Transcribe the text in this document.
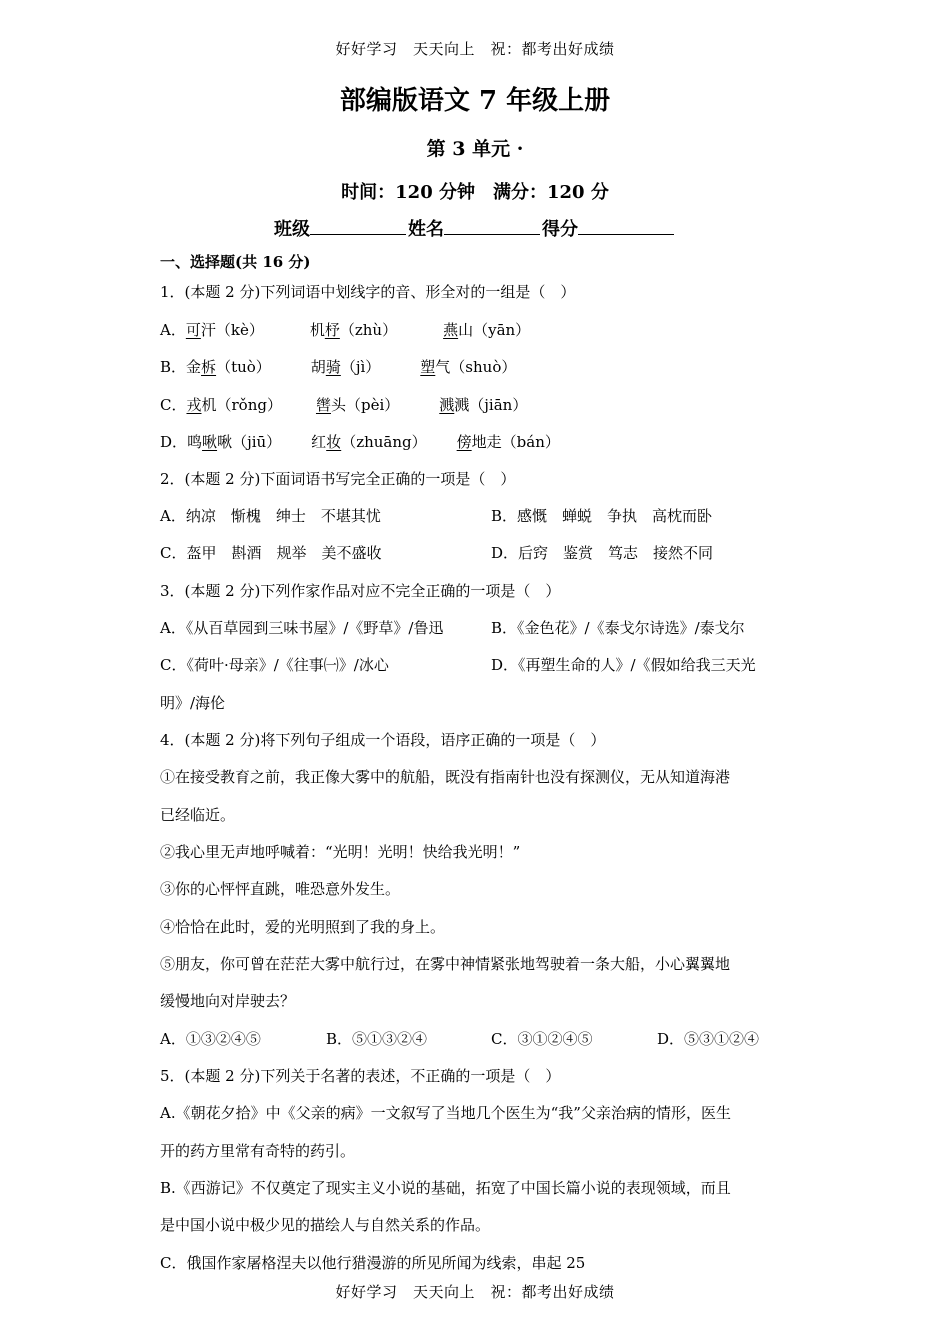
好好学习　天天向上　祝：都考出好成绩
部编版语文 7 年级上册
第 3 单元 ·
时间：120 分钟　满分：120 分
班级	姓名	得分
一、选择题(共 16 分)
1．(本题 2 分)下列词语中划线字的音、形全对的一组是（　）
A．可汗（kè）	机杼（zhù）	燕山（yān）
B．金柝（tuò）	胡骑（jì）	塑气（shuò）
C．戎机（rǒng） 辔头（pèi）	溅溅（jiān）
D．鸣啾啾（jiū） 红妆（zhuāng） 傍地走（bán）
2．(本题 2 分)下面词语书写完全正确的一项是（　）
A．纳凉　惭槐　绅士　不堪其忧	B．感慨　蝉蜕　争执　高枕而卧
C．盔甲　斟酒　规举　美不盛收	D．后窍　鉴赏　笃志　接然不同
3．(本题 2 分)下列作家作品对应不完全正确的一项是（　）
A．《从百草园到三味书屋》/《野草》/鲁迅	B．《金色花》/《泰戈尔诗选》/泰戈尔
C．《荷叶·母亲》/《往事㈠》/冰心	D．《再塑生命的人》/《假如给我三天光
明》/海伦
4．(本题 2 分)将下列句子组成一个语段，语序正确的一项是（　）
①在接受教育之前，我正像大雾中的航船，既没有指南针也没有探测仪，无从知道海港
已经临近。
②我心里无声地呼喊着：“光明！光明！快给我光明！”
③你的心怦怦直跳，唯恐意外发生。
④恰恰在此时，爱的光明照到了我的身上。
⑤朋友，你可曾在茫茫大雾中航行过，在雾中神情紧张地驾驶着一条大船，小心翼翼地
缓慢地向对岸驶去？
A．①③②④⑤	B．⑤①③②④	C．③①②④⑤	D．⑤③①②④
5．(本题 2 分)下列关于名著的表述，不正确的一项是（　）
A.《朝花夕拾》中《父亲的病》一文叙写了当地几个医生为“我”父亲治病的情形，医生
开的药方里常有奇特的药引。
B.《西游记》不仅奠定了现实主义小说的基础，拓宽了中国长篇小说的表现领域，而且
是中国小说中极少见的描绘人与自然关系的作品。
C．俄国作家屠格涅夫以他行猎漫游的所见所闻为线索，串起 25
好好学习　天天向上　祝：都考出好成绩
